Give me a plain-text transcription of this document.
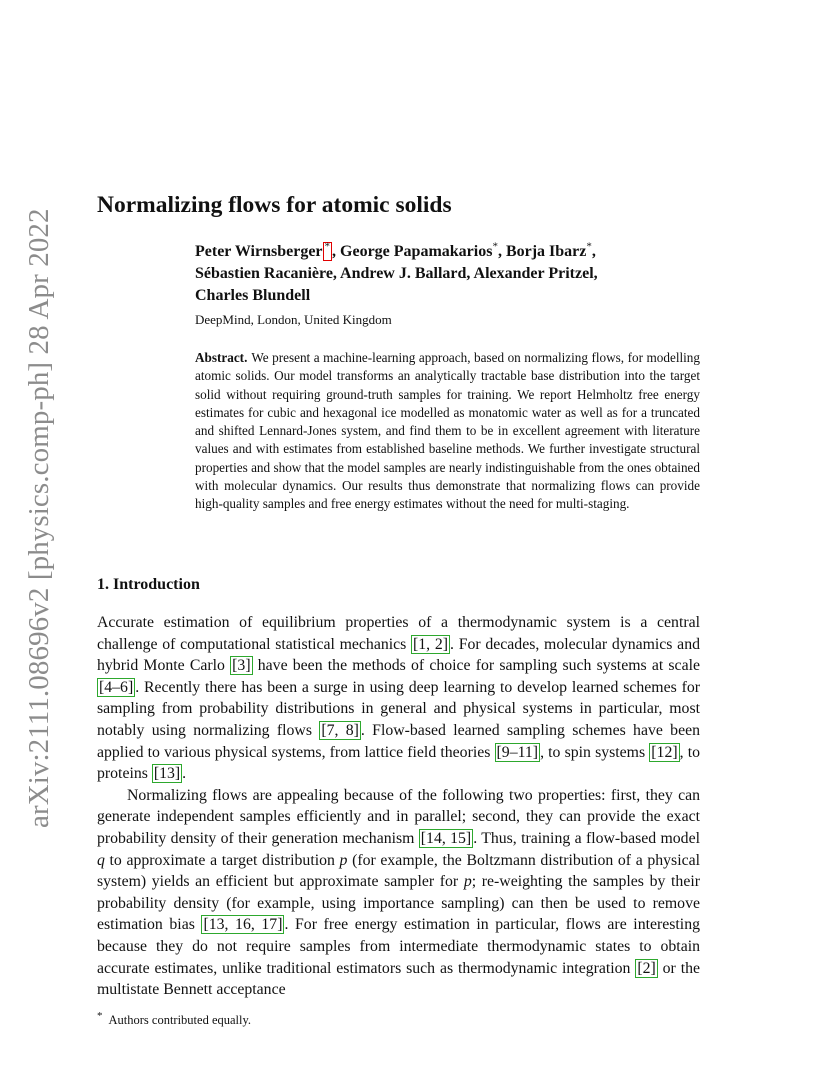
arXiv:2111.08696v2 [physics.comp-ph] 28 Apr 2022
Normalizing flows for atomic solids
Peter Wirnsberger * , George Papamakarios*, Borja Ibarz*,
Sébastien Racanière, Andrew J. Ballard, Alexander Pritzel,
Charles Blundell
DeepMind, London, United Kingdom
Abstract. We present a machine-learning approach, based on normalizing flows, for modelling atomic solids. Our model transforms an analytically tractable base distribution into the target solid without requiring ground-truth samples for training. We report Helmholtz free energy estimates for cubic and hexagonal ice modelled as monatomic water as well as for a truncated and shifted Lennard-Jones system, and find them to be in excellent agreement with literature values and with estimates from established baseline methods. We further investigate structural properties and show that the model samples are nearly indistinguishable from the ones obtained with molecular dynamics. Our results thus demonstrate that normalizing flows can provide high-quality samples and free energy estimates without the need for multi-staging.
1. Introduction

Accurate estimation of equilibrium properties of a thermodynamic system is a central challenge of computational statistical mechanics [1, 2] . For decades, molecular dynamics and hybrid Monte Carlo [3] have been the methods of choice for sampling such systems at scale [4–6] . Recently there has been a surge in using deep learning to develop learned schemes for sampling from probability distributions in general and physical systems in particular, most notably using normalizing flows [7, 8] . Flow-based learned sampling schemes have been applied to various physical systems, from lattice field theories [9–11] , to spin systems [12] , to proteins [13] .

Normalizing flows are appealing because of the following two properties: first, they can generate independent samples efficiently and in parallel; second, they can provide the exact probability density of their generation mechanism [14, 15] . Thus, training a flow-based model q to approximate a target distribution p (for example, the Boltzmann distribution of a physical system) yields an efficient but approximate sampler for p; re-weighting the samples by their probability density (for example, using importance sampling) can then be used to remove estimation bias [13, 16, 17] . For free energy estimation in particular, flows are interesting because they do not require samples from intermediate thermodynamic states to obtain accurate estimates, unlike traditional estimators such as thermodynamic integration [2] or the multistate Bennett acceptance

* Authors contributed equally.
